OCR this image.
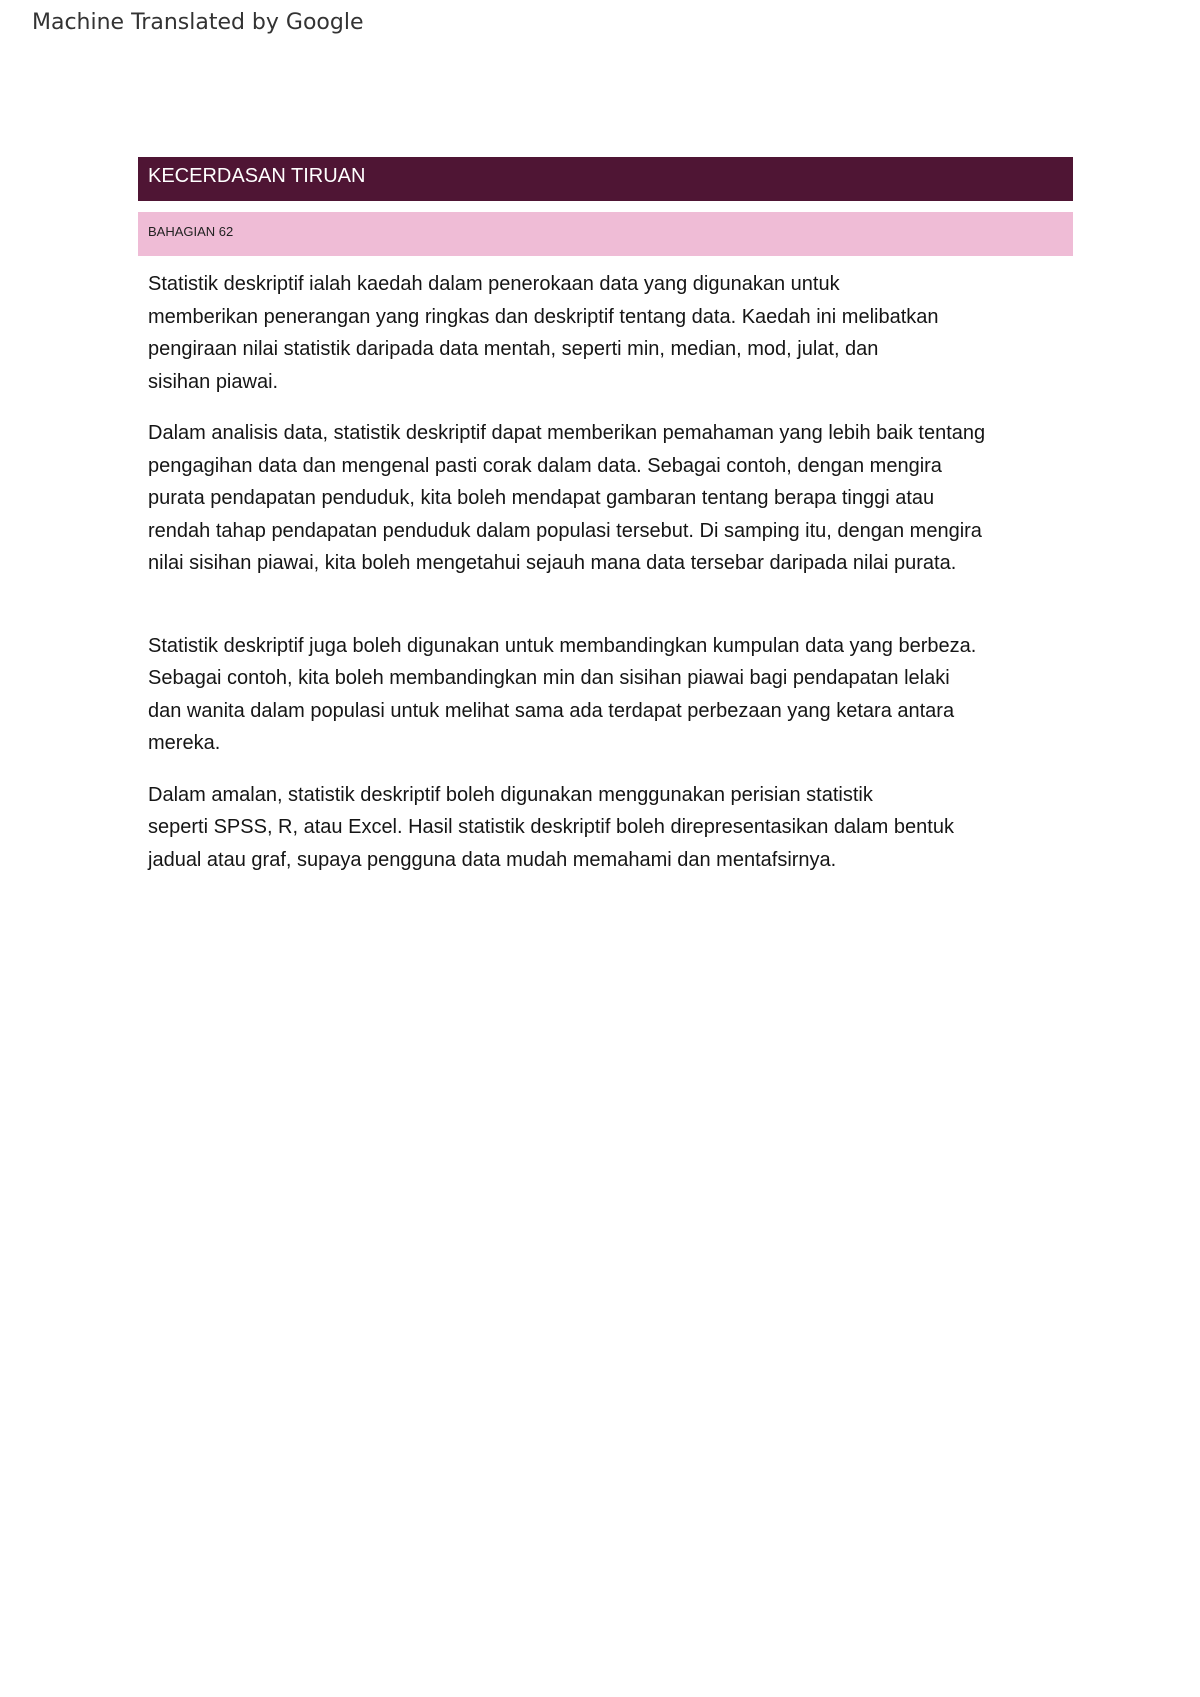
Machine Translated by Google
KECERDASAN TIRUAN
BAHAGIAN 62

Statistik deskriptif ialah kaedah dalam penerokaan data yang digunakan untuk
memberikan penerangan yang ringkas dan deskriptif tentang data. Kaedah ini melibatkan
pengiraan nilai statistik daripada data mentah, seperti min, median, mod, julat, dan
sisihan piawai.

Dalam analisis data, statistik deskriptif dapat memberikan pemahaman yang lebih baik tentang
pengagihan data dan mengenal pasti corak dalam data. Sebagai contoh, dengan mengira
purata pendapatan penduduk, kita boleh mendapat gambaran tentang berapa tinggi atau
rendah tahap pendapatan penduduk dalam populasi tersebut. Di samping itu, dengan mengira
nilai sisihan piawai, kita boleh mengetahui sejauh mana data tersebar daripada nilai purata.

Statistik deskriptif juga boleh digunakan untuk membandingkan kumpulan data yang berbeza.
Sebagai contoh, kita boleh membandingkan min dan sisihan piawai bagi pendapatan lelaki
dan wanita dalam populasi untuk melihat sama ada terdapat perbezaan yang ketara antara
mereka.

Dalam amalan, statistik deskriptif boleh digunakan menggunakan perisian statistik
seperti SPSS, R, atau Excel. Hasil statistik deskriptif boleh direpresentasikan dalam bentuk
jadual atau graf, supaya pengguna data mudah memahami dan mentafsirnya.
